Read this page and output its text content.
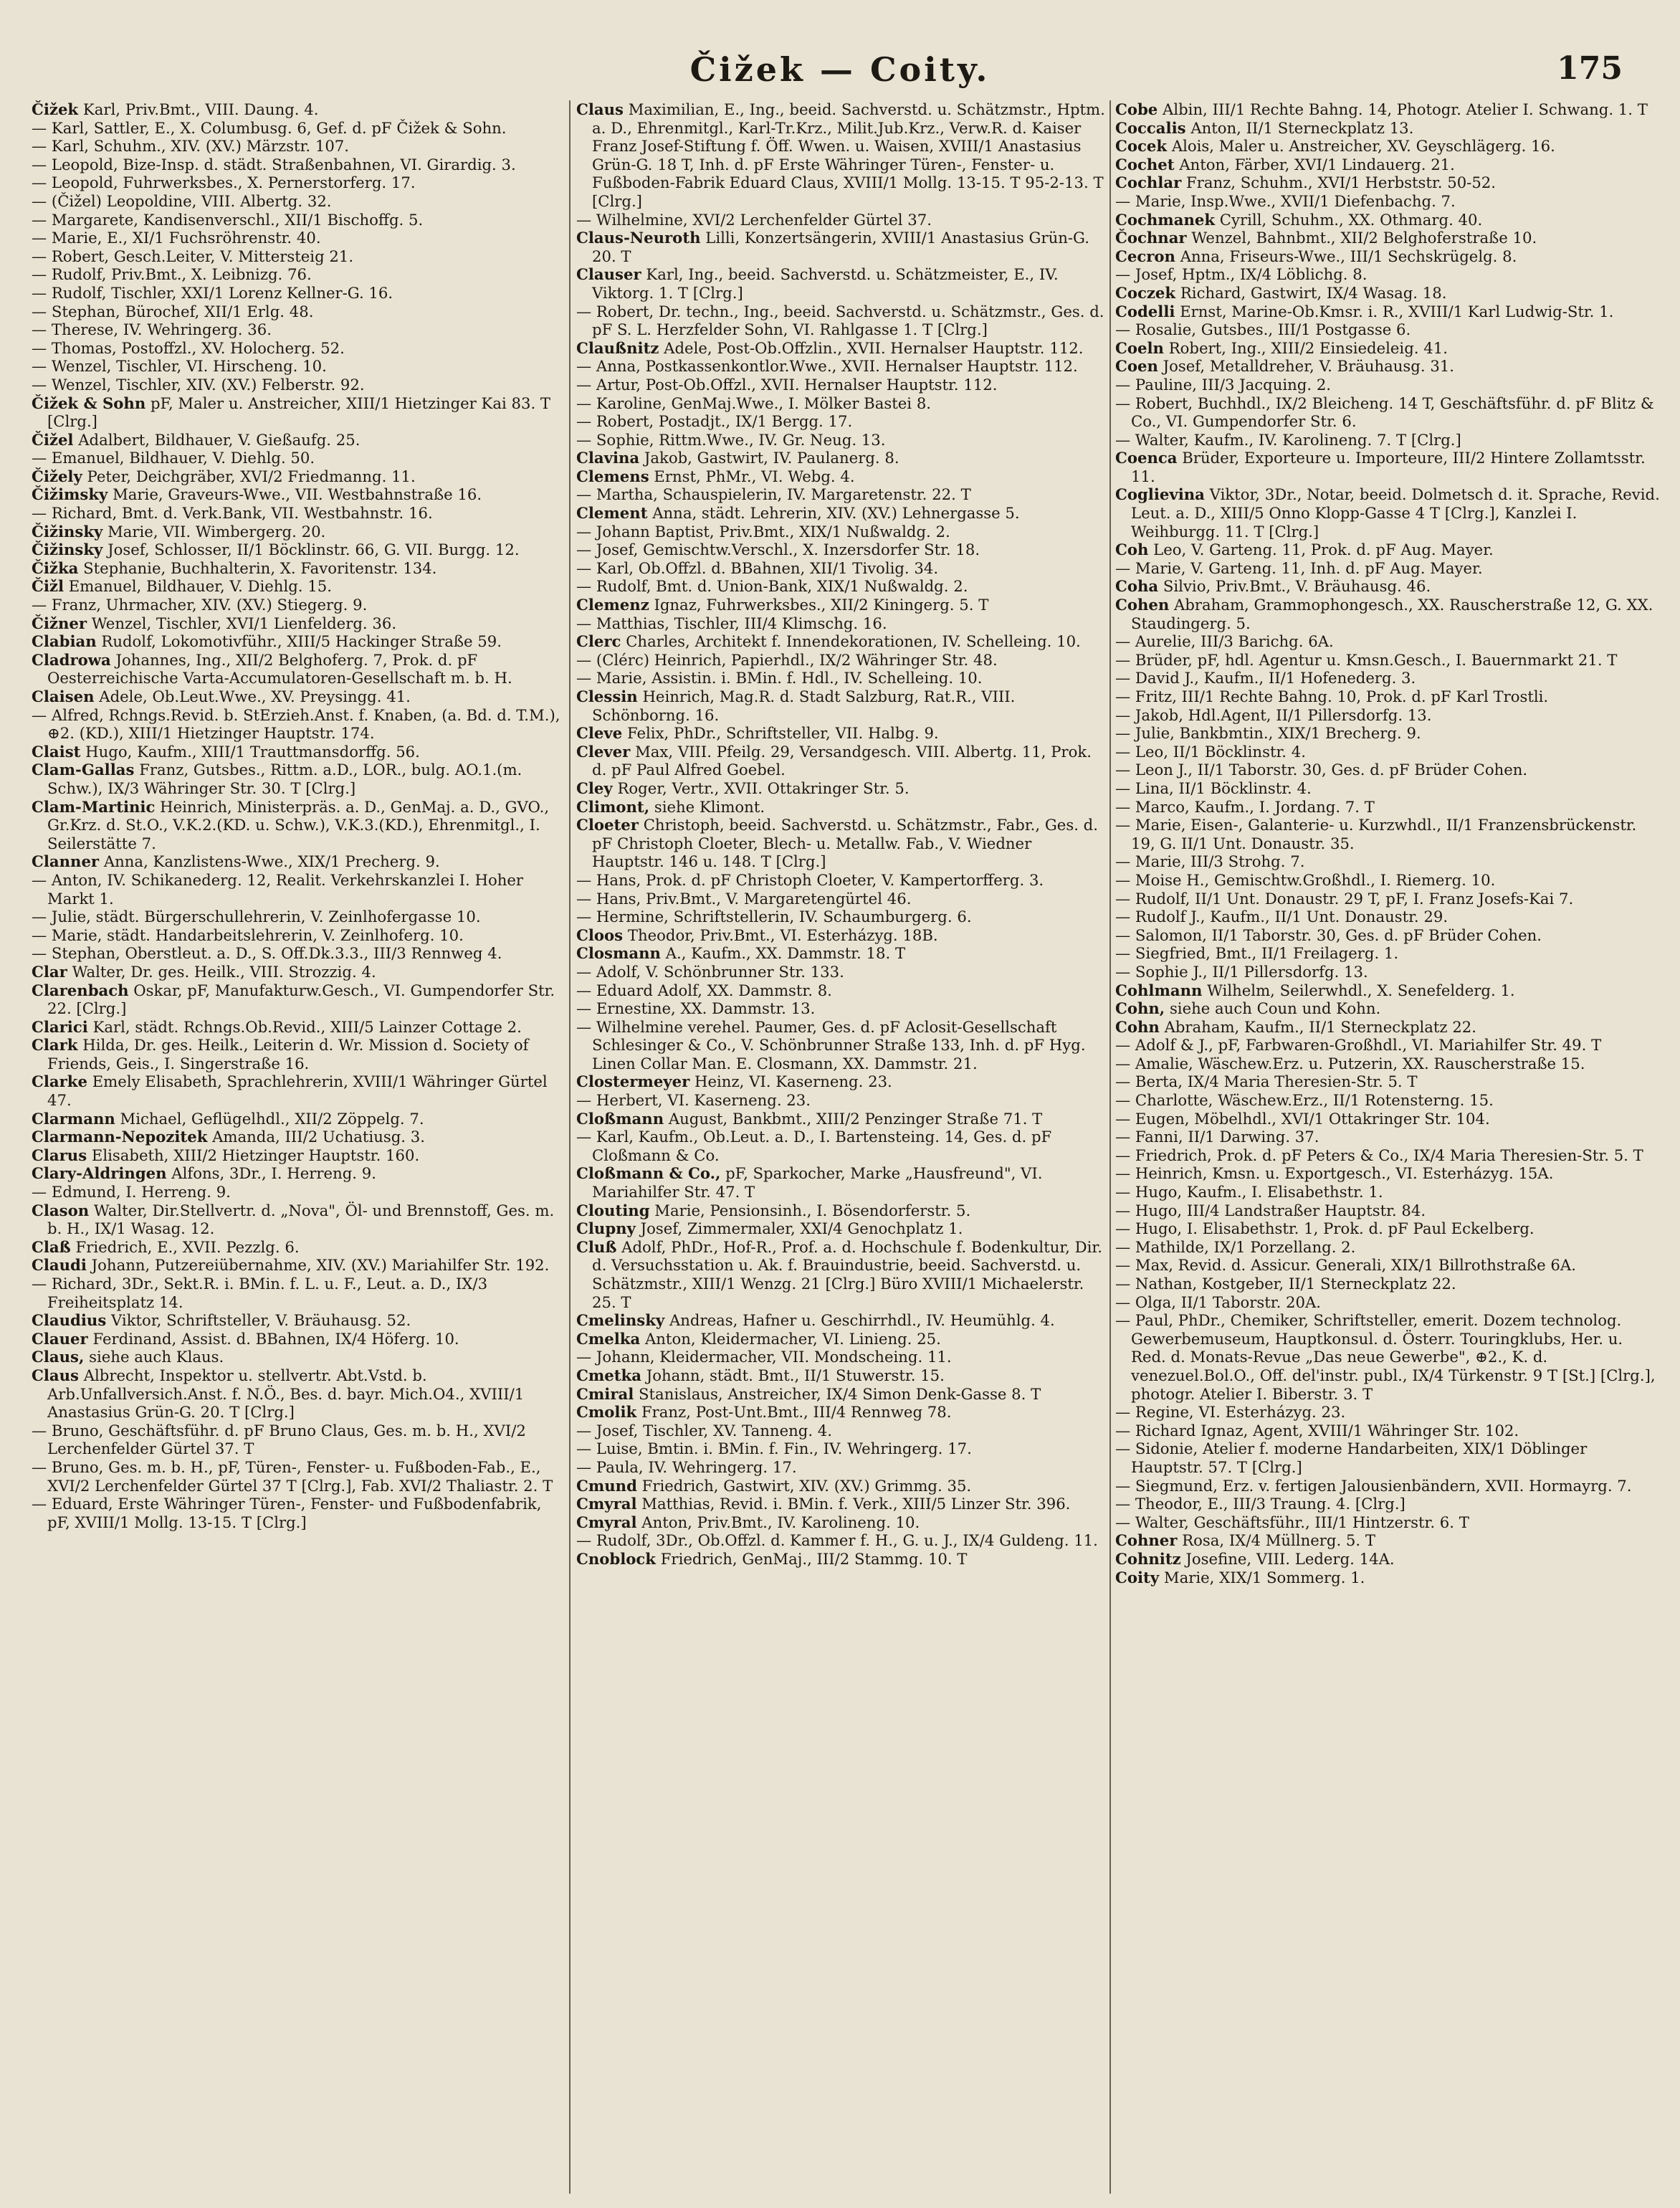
Čižek — Coity.	175
Čižek Karl, Priv.Bmt., VIII. Daung. 4.
— Karl, Sattler, E., X. Columbusg. 6, Gef. d. pF Čižek & Sohn.
— Karl, Schuhm., XIV. (XV.) Märzstr. 107.
— Leopold, Bize-Insp. d. städt. Straßenbahnen, VI. Girardig. 3.
— Leopold, Fuhrwerksbes., X. Pernerstorferg. 17.
— (Čižel) Leopoldine, VIII. Albertg. 32.
— Margarete, Kandisenverschl., XII/1 Bischoffg. 5.
— Marie, E., XI/1 Fuchsröhrenstr. 40.
— Robert, Gesch.Leiter, V. Mittersteig 21.
— Rudolf, Priv.Bmt., X. Leibnizg. 76.
— Rudolf, Tischler, XXI/1 Lorenz Kellner-G. 16.
— Stephan, Bürochef, XII/1 Erlg. 48.
— Therese, IV. Wehringerg. 36.
— Thomas, Postoffzl., XV. Holocherg. 52.
— Wenzel, Tischler, VI. Hirscheng. 10.
— Wenzel, Tischler, XIV. (XV.) Felberstr. 92.
Čižek & Sohn pF, Maler u. Anstreicher, XIII/1 Hietzinger Kai 83. T [Clrg.]
Čižel Adalbert, Bildhauer, V. Gießaufg. 25.
— Emanuel, Bildhauer, V. Diehlg. 50.
Čižely Peter, Deichgräber, XVI/2 Friedmanng. 11.
Čižimsky Marie, Graveurs-Wwe., VII. Westbahnstraße 16.
— Richard, Bmt. d. Verk.Bank, VII. Westbahnstr. 16.
Čižinsky Marie, VII. Wimbergerg. 20.
Čižinsky Josef, Schlosser, II/1 Böcklinstr. 66, G. VII. Burgg. 12.
Čižka Stephanie, Buchhalterin, X. Favoritenstr. 134.
Čižl Emanuel, Bildhauer, V. Diehlg. 15.
— Franz, Uhrmacher, XIV. (XV.) Stiegerg. 9.
Čižner Wenzel, Tischler, XVI/1 Lienfelderg. 36.
Clabian Rudolf, Lokomotivführ., XIII/5 Hackinger Straße 59.
Cladrowa Johannes, Ing., XII/2 Belghoferg. 7, Prok. d. pF Oesterreichische Varta-Accumulatoren-Gesellschaft m. b. H.
Claisen Adele, Ob.Leut.Wwe., XV. Preysingg. 41.
— Alfred, Rchngs.Revid. b. StErzieh.Anst. f. Knaben, (a. Bd. d. T.M.), ⊕2. (KD.), XIII/1 Hietzinger Hauptstr. 174.
Claist Hugo, Kaufm., XIII/1 Trauttmansdorffg. 56.
Clam-Gallas Franz, Gutsbes., Rittm. a.D., LOR., bulg. AO.1.(m. Schw.), IX/3 Währinger Str. 30. T [Clrg.]
Clam-Martinic Heinrich, Ministerpräs. a. D., GenMaj. a. D., GVO., Gr.Krz. d. St.O., V.K.2.(KD. u. Schw.), V.K.3.(KD.), Ehrenmitgl., I. Seilerstätte 7.
Clanner Anna, Kanzlistens-Wwe., XIX/1 Precherg. 9.
— Anton, IV. Schikanederg. 12, Realit. Verkehrskanzlei I. Hoher Markt 1.
— Julie, städt. Bürgerschullehrerin, V. Zeinlhofergasse 10.
— Marie, städt. Handarbeitslehrerin, V. Zeinlhoferg. 10.
— Stephan, Oberstleut. a. D., S. Off.Dk.3.3., III/3 Rennweg 4.
Clar Walter, Dr. ges. Heilk., VIII. Strozzig. 4.
Clarenbach Oskar, pF, Manufakturw.Gesch., VI. Gumpendorfer Str. 22. [Clrg.]
Clarici Karl, städt. Rchngs.Ob.Revid., XIII/5 Lainzer Cottage 2.
Clark Hilda, Dr. ges. Heilk., Leiterin d. Wr. Mission d. Society of Friends, Geis., I. Singerstraße 16.
Clarke Emely Elisabeth, Sprachlehrerin, XVIII/1 Währinger Gürtel 47.
Clarmann Michael, Geflügelhdl., XII/2 Zöppelg. 7.
Clarmann-Nepozitek Amanda, III/2 Uchatiusg. 3.
Clarus Elisabeth, XIII/2 Hietzinger Hauptstr. 160.
Clary-Aldringen Alfons, 3Dr., I. Herreng. 9.
— Edmund, I. Herreng. 9.
Clason Walter, Dir.Stellvertr. d. „Nova", Öl- und Brennstoff, Ges. m. b. H., IX/1 Wasag. 12.
Claß Friedrich, E., XVII. Pezzlg. 6.
Claudi Johann, Putzereiübernahme, XIV. (XV.) Mariahilfer Str. 192.
— Richard, 3Dr., Sekt.R. i. BMin. f. L. u. F., Leut. a. D., IX/3 Freiheitsplatz 14.
Claudius Viktor, Schriftsteller, V. Bräuhausg. 52.
Clauer Ferdinand, Assist. d. BBahnen, IX/4 Höferg. 10.
Claus, siehe auch Klaus.
Claus Albrecht, Inspektor u. stellvertr. Abt.Vstd. b. Arb.Unfallversich.Anst. f. N.Ö., Bes. d. bayr. Mich.O4., XVIII/1 Anastasius Grün-G. 20. T [Clrg.]
— Bruno, Geschäftsführ. d. pF Bruno Claus, Ges. m. b. H., XVI/2 Lerchenfelder Gürtel 37. T
— Bruno, Ges. m. b. H., pF, Türen-, Fenster- u. Fußboden-Fab., E., XVI/2 Lerchenfelder Gürtel 37 T [Clrg.], Fab. XVI/2 Thaliastr. 2. T
— Eduard, Erste Währinger Türen-, Fenster- und Fußbodenfabrik, pF, XVIII/1 Mollg. 13-15. T [Clrg.]
Claus Maximilian, E., Ing., beeid. Sachverstd. u. Schätzmstr., Hptm. a. D., Ehrenmitgl., Karl-Tr.Krz., Milit.Jub.Krz., Verw.R. d. Kaiser Franz Josef-Stiftung f. Öff. Wwen. u. Waisen, XVIII/1 Anastasius Grün-G. 18 T, Inh. d. pF Erste Währinger Türen-, Fenster- u. Fußboden-Fabrik Eduard Claus, XVIII/1 Mollg. 13-15. T 95-2-13. T [Clrg.]
— Wilhelmine, XVI/2 Lerchenfelder Gürtel 37.
Claus-Neuroth Lilli, Konzertsängerin, XVIII/1 Anastasius Grün-G. 20. T
Clauser Karl, Ing., beeid. Sachverstd. u. Schätzmeister, E., IV. Viktorg. 1. T [Clrg.]
— Robert, Dr. techn., Ing., beeid. Sachverstd. u. Schätzmstr., Ges. d. pF S. L. Herzfelder Sohn, VI. Rahlgasse 1. T [Clrg.]
Claußnitz Adele, Post-Ob.Offzlin., XVII. Hernalser Hauptstr. 112.
— Anna, Postkassenkontlor.Wwe., XVII. Hernalser Hauptstr. 112.
— Artur, Post-Ob.Offzl., XVII. Hernalser Hauptstr. 112.
— Karoline, GenMaj.Wwe., I. Mölker Bastei 8.
— Robert, Postadjt., IX/1 Bergg. 17.
— Sophie, Rittm.Wwe., IV. Gr. Neug. 13.
Clavina Jakob, Gastwirt, IV. Paulanerg. 8.
Clemens Ernst, PhMr., VI. Webg. 4.
— Martha, Schauspielerin, IV. Margaretenstr. 22. T
Clement Anna, städt. Lehrerin, XIV. (XV.) Lehnergasse 5.
— Johann Baptist, Priv.Bmt., XIX/1 Nußwaldg. 2.
— Josef, Gemischtw.Verschl., X. Inzersdorfer Str. 18.
— Karl, Ob.Offzl. d. BBahnen, XII/1 Tivolig. 34.
— Rudolf, Bmt. d. Union-Bank, XIX/1 Nußwaldg. 2.
Clemenz Ignaz, Fuhrwerksbes., XII/2 Kiningerg. 5. T
— Matthias, Tischler, III/4 Klimschg. 16.
Clerc Charles, Architekt f. Innendekorationen, IV. Schelleing. 10.
— (Clérc) Heinrich, Papierhdl., IX/2 Währinger Str. 48.
— Marie, Assistin. i. BMin. f. Hdl., IV. Schelleing. 10.
Clessin Heinrich, Mag.R. d. Stadt Salzburg, Rat.R., VIII. Schönborng. 16.
Cleve Felix, PhDr., Schriftsteller, VII. Halbg. 9.
Clever Max, VIII. Pfeilg. 29, Versandgesch. VIII. Albertg. 11, Prok. d. pF Paul Alfred Goebel.
Cley Roger, Vertr., XVII. Ottakringer Str. 5.
Climont, siehe Klimont.
Cloeter Christoph, beeid. Sachverstd. u. Schätzmstr., Fabr., Ges. d. pF Christoph Cloeter, Blech- u. Metallw. Fab., V. Wiedner Hauptstr. 146 u. 148. T [Clrg.]
— Hans, Prok. d. pF Christoph Cloeter, V. Kampertorfferg. 3.
— Hans, Priv.Bmt., V. Margaretengürtel 46.
— Hermine, Schriftstellerin, IV. Schaumburgerg. 6.
Cloos Theodor, Priv.Bmt., VI. Esterházyg. 18B.
Closmann A., Kaufm., XX. Dammstr. 18. T
— Adolf, V. Schönbrunner Str. 133.
— Eduard Adolf, XX. Dammstr. 8.
— Ernestine, XX. Dammstr. 13.
— Wilhelmine verehel. Paumer, Ges. d. pF Aclosit-Gesellschaft Schlesinger & Co., V. Schönbrunner Straße 133, Inh. d. pF Hyg. Linen Collar Man. E. Closmann, XX. Dammstr. 21.
Clostermeyer Heinz, VI. Kaserneng. 23.
— Herbert, VI. Kaserneng. 23.
Cloßmann August, Bankbmt., XIII/2 Penzinger Straße 71. T
— Karl, Kaufm., Ob.Leut. a. D., I. Bartensteing. 14, Ges. d. pF Cloßmann & Co.
Cloßmann & Co., pF, Sparkocher, Marke „Hausfreund", VI. Mariahilfer Str. 47. T
Clouting Marie, Pensionsinh., I. Bösendorferstr. 5.
Clupny Josef, Zimmermaler, XXI/4 Genochplatz 1.
Cluß Adolf, PhDr., Hof-R., Prof. a. d. Hochschule f. Bodenkultur, Dir. d. Versuchsstation u. Ak. f. Brauindustrie, beeid. Sachverstd. u. Schätzmstr., XIII/1 Wenzg. 21 [Clrg.] Büro XVIII/1 Michaelerstr. 25. T
Cmelinsky Andreas, Hafner u. Geschirrhdl., IV. Heumühlg. 4.
Cmelka Anton, Kleidermacher, VI. Linieng. 25.
— Johann, Kleidermacher, VII. Mondscheing. 11.
Cmetka Johann, städt. Bmt., II/1 Stuwerstr. 15.
Cmiral Stanislaus, Anstreicher, IX/4 Simon Denk-Gasse 8. T
Cmolik Franz, Post-Unt.Bmt., III/4 Rennweg 78.
— Josef, Tischler, XV. Tanneng. 4.
— Luise, Bmtin. i. BMin. f. Fin., IV. Wehringerg. 17.
— Paula, IV. Wehringerg. 17.
Cmund Friedrich, Gastwirt, XIV. (XV.) Grimmg. 35.
Cmyral Matthias, Revid. i. BMin. f. Verk., XIII/5 Linzer Str. 396.
Cmyral Anton, Priv.Bmt., IV. Karolineng. 10.
— Rudolf, 3Dr., Ob.Offzl. d. Kammer f. H., G. u. J., IX/4 Guldeng. 11.
Cnoblock Friedrich, GenMaj., III/2 Stammg. 10. T
Cobe Albin, III/1 Rechte Bahng. 14, Photogr. Atelier I. Schwang. 1. T
Coccalis Anton, II/1 Sterneckplatz 13.
Cocek Alois, Maler u. Anstreicher, XV. Geyschlägerg. 16.
Cochet Anton, Färber, XVI/1 Lindauerg. 21.
Cochlar Franz, Schuhm., XVI/1 Herbststr. 50-52.
— Marie, Insp.Wwe., XVII/1 Diefenbachg. 7.
Cochmanek Cyrill, Schuhm., XX. Othmarg. 40.
Čochnar Wenzel, Bahnbmt., XII/2 Belghoferstraße 10.
Cecron Anna, Friseurs-Wwe., III/1 Sechskrügelg. 8.
— Josef, Hptm., IX/4 Löblichg. 8.
Coczek Richard, Gastwirt, IX/4 Wasag. 18.
Codelli Ernst, Marine-Ob.Kmsr. i. R., XVIII/1 Karl Ludwig-Str. 1.
— Rosalie, Gutsbes., III/1 Postgasse 6.
Coeln Robert, Ing., XIII/2 Einsiedeleig. 41.
Coen Josef, Metalldreher, V. Bräuhausg. 31.
— Pauline, III/3 Jacquing. 2.
— Robert, Buchhdl., IX/2 Bleicheng. 14 T, Geschäftsführ. d. pF Blitz & Co., VI. Gumpendorfer Str. 6.
— Walter, Kaufm., IV. Karolineng. 7. T [Clrg.]
Coenca Brüder, Exporteure u. Importeure, III/2 Hintere Zollamtsstr. 11.
Coglievina Viktor, 3Dr., Notar, beeid. Dolmetsch d. it. Sprache, Revid. Leut. a. D., XIII/5 Onno Klopp-Gasse 4 T [Clrg.], Kanzlei I. Weihburgg. 11. T [Clrg.]
Coh Leo, V. Garteng. 11, Prok. d. pF Aug. Mayer.
— Marie, V. Garteng. 11, Inh. d. pF Aug. Mayer.
Coha Silvio, Priv.Bmt., V. Bräuhausg. 46.
Cohen Abraham, Grammophongesch., XX. Rauscherstraße 12, G. XX. Staudingerg. 5.
— Aurelie, III/3 Barichg. 6A.
— Brüder, pF, hdl. Agentur u. Kmsn.Gesch., I. Bauernmarkt 21. T
— David J., Kaufm., II/1 Hofenederg. 3.
— Fritz, III/1 Rechte Bahng. 10, Prok. d. pF Karl Trostli.
— Jakob, Hdl.Agent, II/1 Pillersdorfg. 13.
— Julie, Bankbmtin., XIX/1 Brecherg. 9.
— Leo, II/1 Böcklinstr. 4.
— Leon J., II/1 Taborstr. 30, Ges. d. pF Brüder Cohen.
— Lina, II/1 Böcklinstr. 4.
— Marco, Kaufm., I. Jordang. 7. T
— Marie, Eisen-, Galanterie- u. Kurzwhdl., II/1 Franzensbrückenstr. 19, G. II/1 Unt. Donaustr. 35.
— Marie, III/3 Strohg. 7.
— Moise H., Gemischtw.Großhdl., I. Riemerg. 10.
— Rudolf, II/1 Unt. Donaustr. 29 T, pF, I. Franz Josefs-Kai 7.
— Rudolf J., Kaufm., II/1 Unt. Donaustr. 29.
— Salomon, II/1 Taborstr. 30, Ges. d. pF Brüder Cohen.
— Siegfried, Bmt., II/1 Freilagerg. 1.
— Sophie J., II/1 Pillersdorfg. 13.
Cohlmann Wilhelm, Seilerwhdl., X. Senefelderg. 1.
Cohn, siehe auch Coun und Kohn.
Cohn Abraham, Kaufm., II/1 Sterneckplatz 22.
— Adolf & J., pF, Farbwaren-Großhdl., VI. Mariahilfer Str. 49. T
— Amalie, Wäschew.Erz. u. Putzerin, XX. Rauscherstraße 15.
— Berta, IX/4 Maria Theresien-Str. 5. T
— Charlotte, Wäschew.Erz., II/1 Rotensterng. 15.
— Eugen, Möbelhdl., XVI/1 Ottakringer Str. 104.
— Fanni, II/1 Darwing. 37.
— Friedrich, Prok. d. pF Peters & Co., IX/4 Maria Theresien-Str. 5. T
— Heinrich, Kmsn. u. Exportgesch., VI. Esterházyg. 15A.
— Hugo, Kaufm., I. Elisabethstr. 1.
— Hugo, III/4 Landstraßer Hauptstr. 84.
— Hugo, I. Elisabethstr. 1, Prok. d. pF Paul Eckelberg.
— Mathilde, IX/1 Porzellang. 2.
— Max, Revid. d. Assicur. Generali, XIX/1 Billrothstraße 6A.
— Nathan, Kostgeber, II/1 Sterneckplatz 22.
— Olga, II/1 Taborstr. 20A.
— Paul, PhDr., Chemiker, Schriftsteller, emerit. Dozem technolog. Gewerbemuseum, Hauptkonsul. d. Österr. Touringklubs, Her. u. Red. d. Monats-Revue „Das neue Gewerbe", ⊕2., K. d. venezuel.Bol.O., Off. del'instr. publ., IX/4 Türkenstr. 9 T [St.] [Clrg.], photogr. Atelier I. Biberstr. 3. T
— Regine, VI. Esterházyg. 23.
— Richard Ignaz, Agent, XVIII/1 Währinger Str. 102.
— Sidonie, Atelier f. moderne Handarbeiten, XIX/1 Döblinger Hauptstr. 57. T [Clrg.]
— Siegmund, Erz. v. fertigen Jalousienbändern, XVII. Hormayrg. 7.
— Theodor, E., III/3 Traung. 4. [Clrg.]
— Walter, Geschäftsführ., III/1 Hintzerstr. 6. T
Cohner Rosa, IX/4 Müllnerg. 5. T
Cohnitz Josefine, VIII. Lederg. 14A.
Coity Marie, XIX/1 Sommerg. 1.
